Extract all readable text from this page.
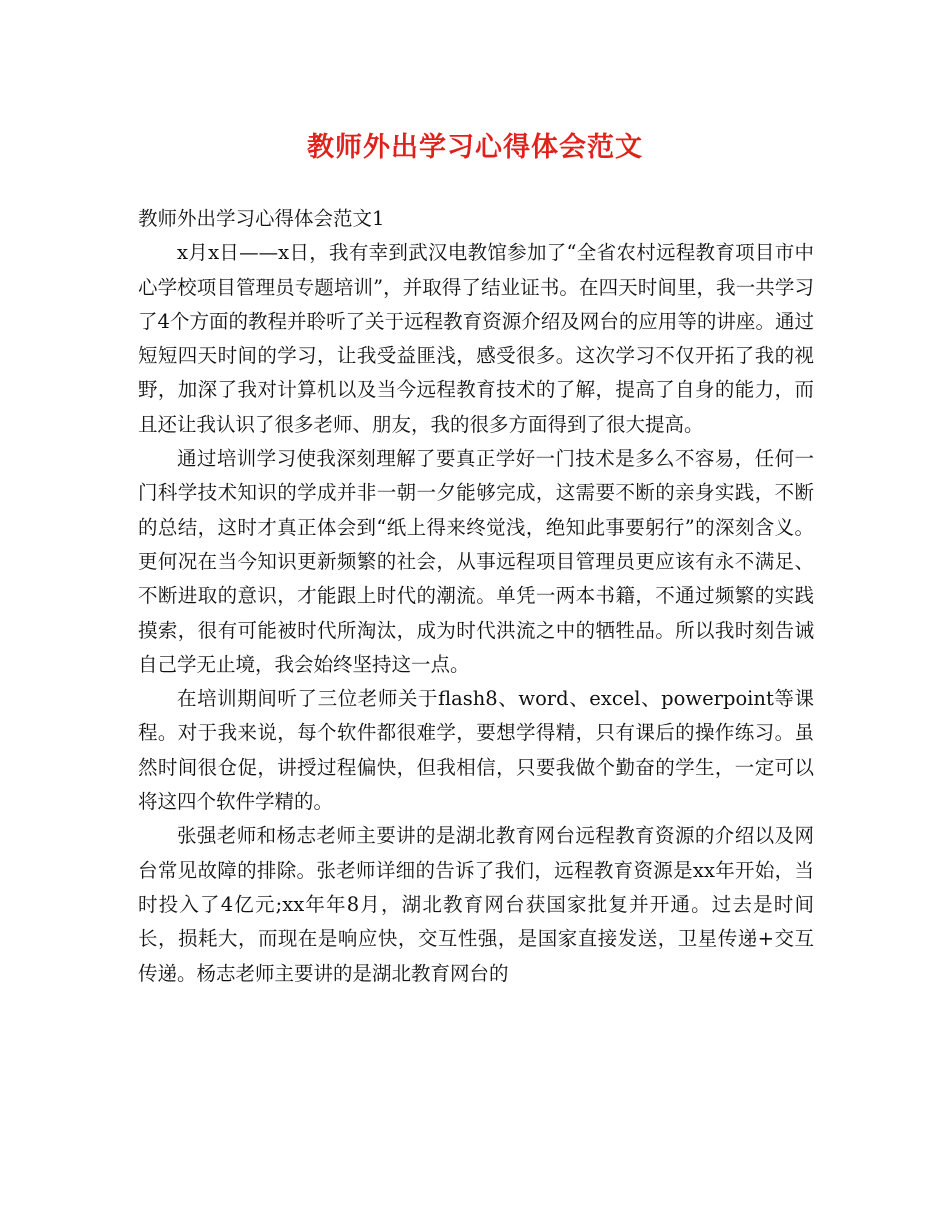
教师外出学习心得体会范文

教师外出学习心得体会范文1

x月x日——x日，我有幸到武汉电教馆参加了“全省农村远程教育项目市中心学校项目管理员专题培训”，并取得了结业证书。在四天时间里，我一共学习了4个方面的教程并聆听了关于远程教育资源介绍及网台的应用等的讲座。通过短短四天时间的学习，让我受益匪浅，感受很多。这次学习不仅开拓了我的视野，加深了我对计算机以及当今远程教育技术的了解，提高了自身的能力，而且还让我认识了很多老师、朋友，我的很多方面得到了很大提高。

通过培训学习使我深刻理解了要真正学好一门技术是多么不容易，任何一门科学技术知识的学成并非一朝一夕能够完成，这需要不断的亲身实践，不断的总结，这时才真正体会到“纸上得来终觉浅，绝知此事要躬行”的深刻含义。更何况在当今知识更新频繁的社会，从事远程项目管理员更应该有永不满足、不断进取的意识，才能跟上时代的潮流。单凭一两本书籍，不通过频繁的实践摸索，很有可能被时代所淘汰，成为时代洪流之中的牺牲品。所以我时刻告诫自己学无止境，我会始终坚持这一点。

在培训期间听了三位老师关于flash8、word、excel、powerpoint等课程。对于我来说，每个软件都很难学，要想学得精，只有课后的操作练习。虽然时间很仓促，讲授过程偏快，但我相信，只要我做个勤奋的学生，一定可以将这四个软件学精的。

张强老师和杨志老师主要讲的是湖北教育网台远程教育资源的介绍以及网台常见故障的排除。张老师详细的告诉了我们，远程教育资源是xx年开始，当时投入了4亿元;xx年年8月，湖北教育网台获国家批复并开通。过去是时间长，损耗大，而现在是响应快，交互性强，是国家直接发送，卫星传递+交互传递。杨志老师主要讲的是湖北教育网台的
